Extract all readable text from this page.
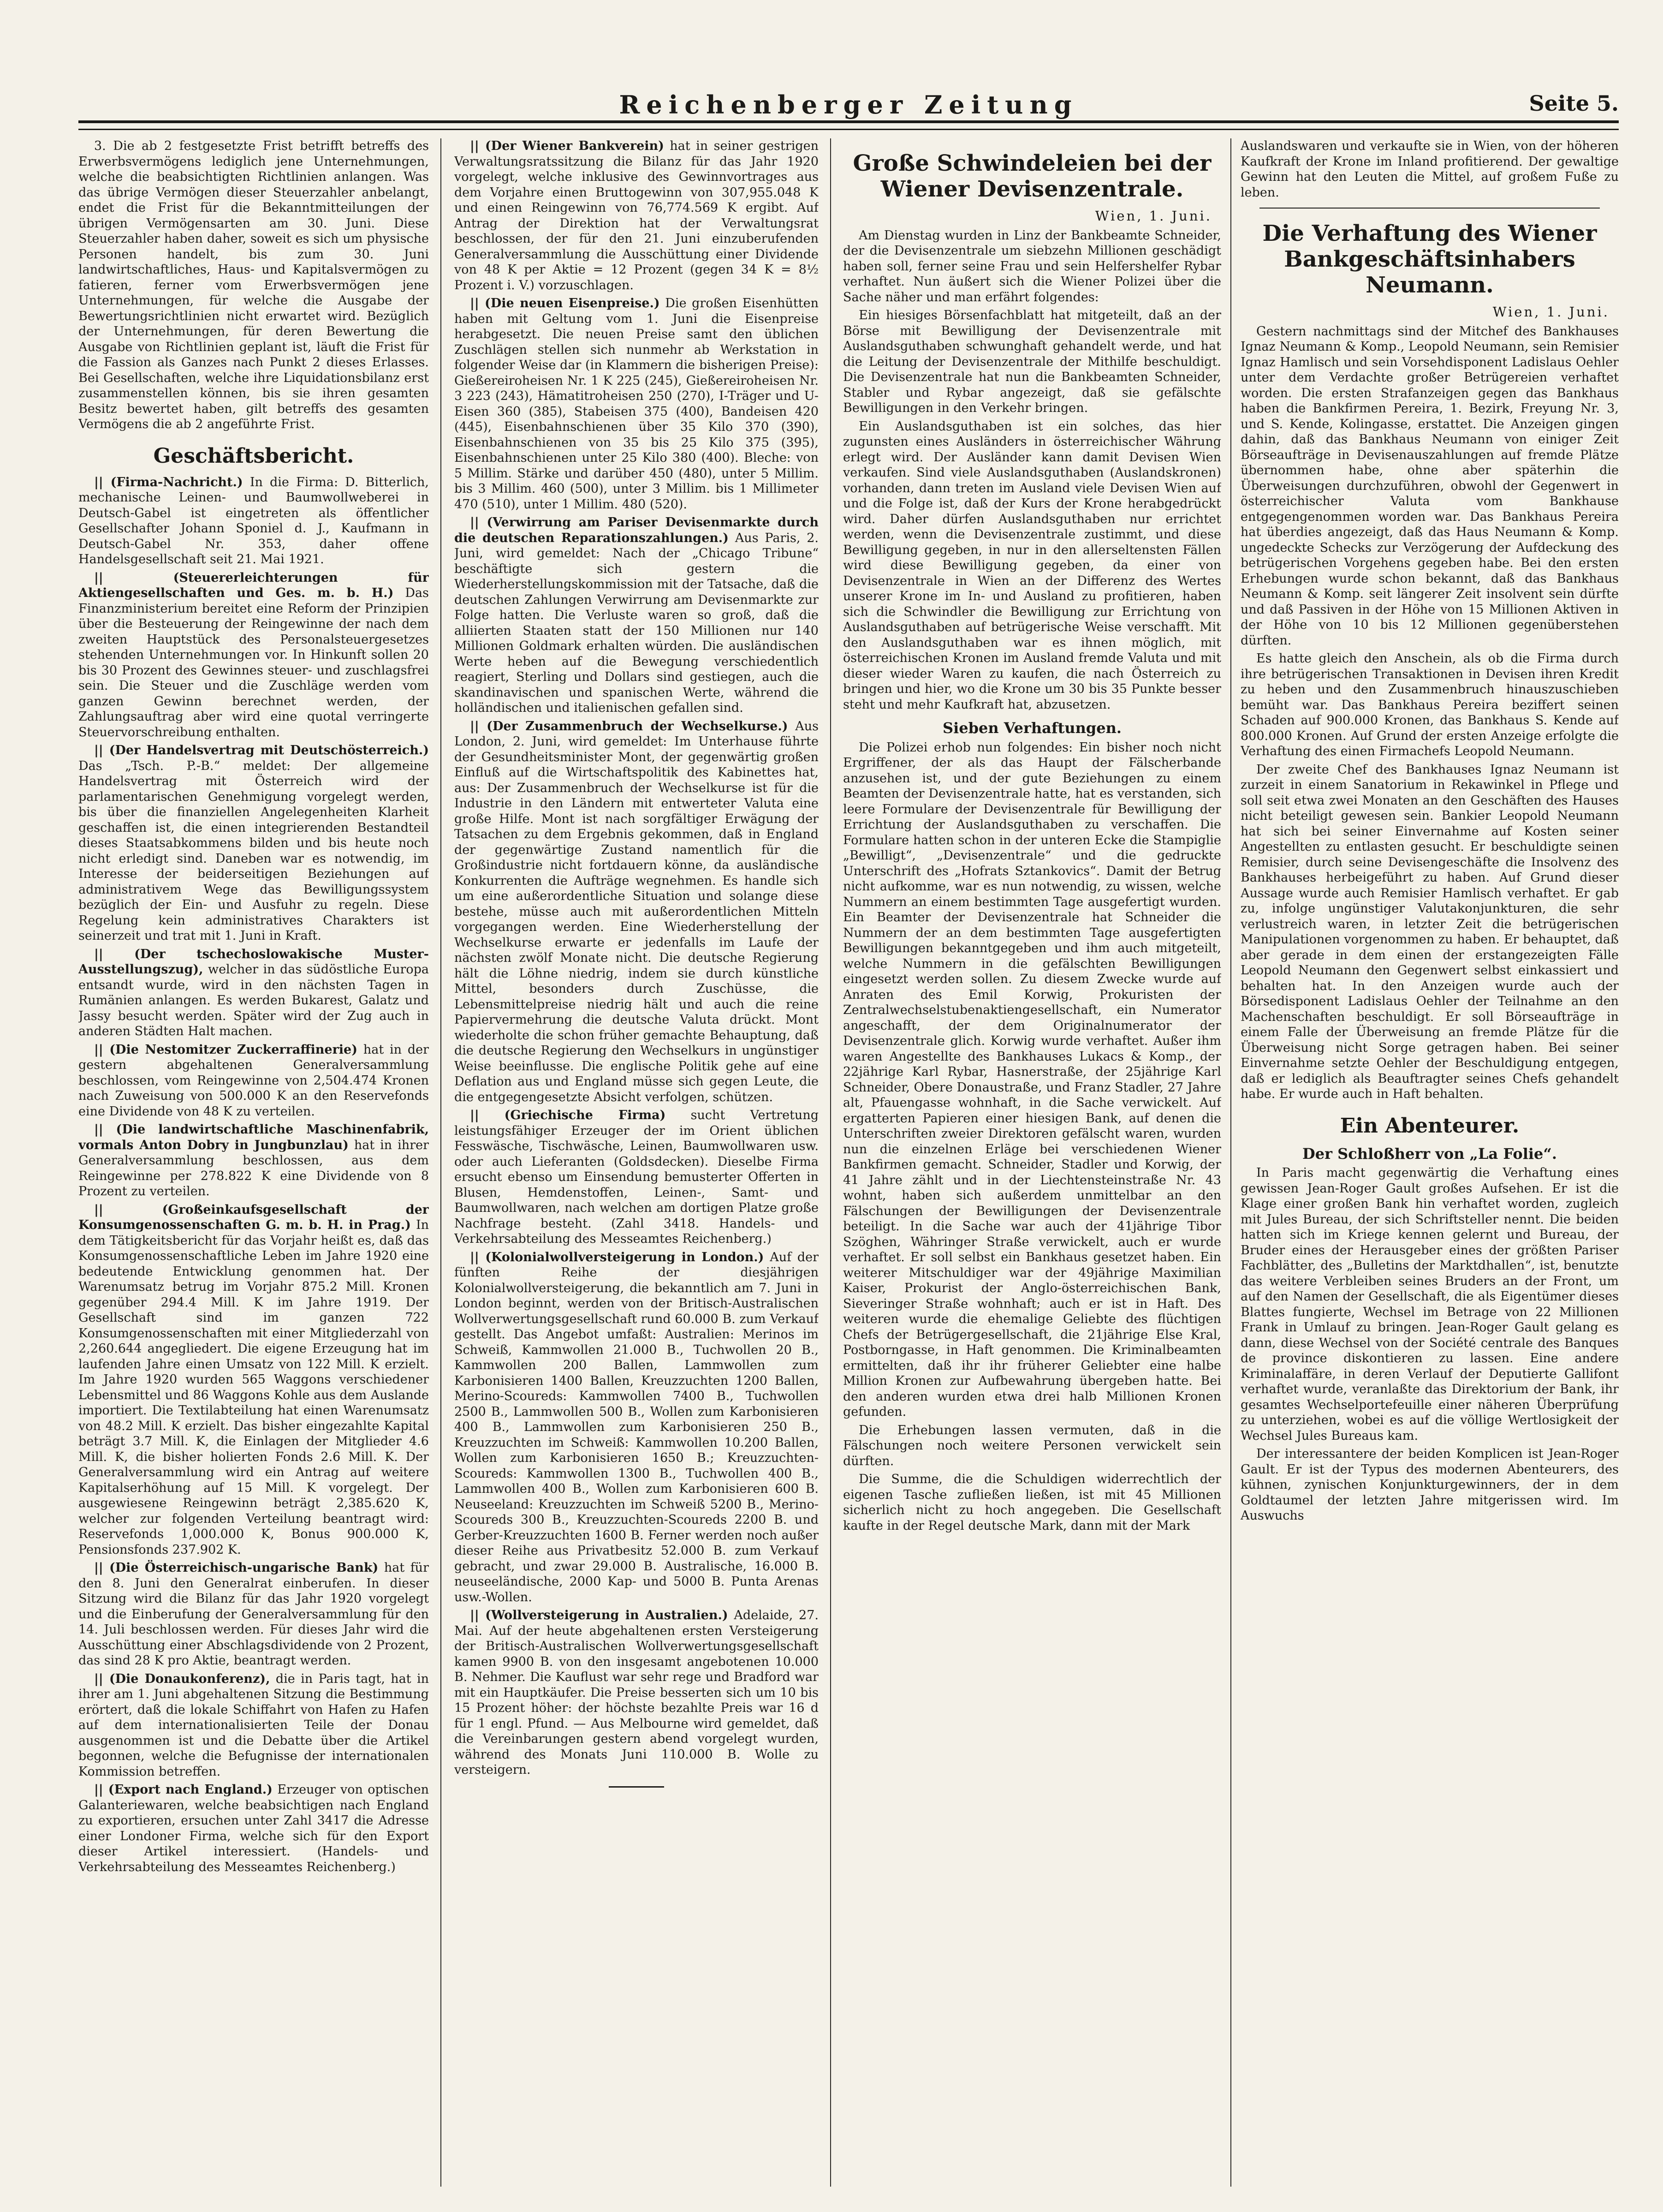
Reichenberger Zeitung	Seite 5.

3. Die ab 2 festgesetzte Frist betrifft betreffs des Erwerbsvermögens lediglich jene Unternehmungen, welche die beabsichtigten Richtlinien anlangen. Was das übrige Vermögen dieser Steuerzahler anbelangt, endet die Frist für die Bekanntmitteilungen der übrigen Vermögensarten am 30. Juni. Diese Steuerzahler haben daher, soweit es sich um physische Personen handelt, bis zum 30. Juni landwirtschaftliches, Haus- und Kapitalsvermögen zu fatieren, ferner vom Erwerbsvermögen jene Unternehmungen, für welche die Ausgabe der Bewertungsrichtlinien nicht erwartet wird. Bezüglich der Unternehmungen, für deren Bewertung die Ausgabe von Richtlinien geplant ist, läuft die Frist für die Fassion als Ganzes nach Punkt 2 dieses Erlasses. Bei Gesellschaften, welche ihre Liquidationsbilanz erst zusammenstellen können, bis sie ihren gesamten Besitz bewertet haben, gilt betreffs des gesamten Vermögens die ab 2 angeführte Frist.

Geschäftsbericht.

|| (Firma-Nachricht.) In die Firma: D. Bitterlich, mechanische Leinen- und Baumwollweberei in Deutsch-Gabel ist eingetreten als öffentlicher Gesellschafter Johann Sponiel d. J., Kaufmann in Deutsch-Gabel Nr. 353, daher offene Handelsgesellschaft seit 21. Mai 1921.

|| (Steuererleichterungen für Aktiengesellschaften und Ges. m. b. H.) Das Finanzministerium bereitet eine Reform der Prinzipien über die Besteuerung der Reingewinne der nach dem zweiten Hauptstück des Personalsteuergesetzes stehenden Unternehmungen vor. In Hinkunft sollen 20 bis 30 Prozent des Gewinnes steuer- und zuschlagsfrei sein. Die Steuer und die Zuschläge werden vom ganzen Gewinn berechnet werden, der Zahlungsauftrag aber wird eine quotal verringerte Steuervorschreibung enthalten.

|| (Der Handelsvertrag mit Deutschösterreich.) Das „Tsch. P.-B.“ meldet: Der allgemeine Handelsvertrag mit Österreich wird der parlamentarischen Genehmigung vorgelegt werden, bis über die finanziellen Angelegenheiten Klarheit geschaffen ist, die einen integrierenden Bestandteil dieses Staatsabkommens bilden und bis heute noch nicht erledigt sind. Daneben war es notwendig, im Interesse der beiderseitigen Beziehungen auf administrativem Wege das Bewilligungssystem bezüglich der Ein- und Ausfuhr zu regeln. Diese Regelung kein administratives Charakters ist seinerzeit und trat mit 1. Juni in Kraft.

|| (Der tschechoslowakische Muster-Ausstellungszug), welcher in das südöstliche Europa entsandt wurde, wird in den nächsten Tagen in Rumänien anlangen. Es werden Bukarest, Galatz und Jassy besucht werden. Später wird der Zug auch in anderen Städten Halt machen.

|| (Die Nestomitzer Zuckerraffinerie) hat in der gestern abgehaltenen Generalversammlung beschlossen, vom Reingewinne von 2,504.474 Kronen nach Zuweisung von 500.000 K an den Reservefonds eine Dividende von 48 K zu verteilen.

|| (Die landwirtschaftliche Maschinenfabrik, vormals Anton Dobry in Jungbunzlau) hat in ihrer Generalversammlung beschlossen, aus dem Reingewinne per 278.822 K eine Dividende von 8 Prozent zu verteilen.

|| (Großeinkaufsgesellschaft der Konsumgenossenschaften G. m. b. H. in Prag.) In dem Tätigkeitsbericht für das Vorjahr heißt es, daß das Konsumgenossenschaftliche Leben im Jahre 1920 eine bedeutende Entwicklung genommen hat. Der Warenumsatz betrug im Vorjahr 875.2 Mill. Kronen gegenüber 294.4 Mill. K im Jahre 1919. Der Gesellschaft sind im ganzen 722 Konsumgenossenschaften mit einer Mitgliederzahl von 2,260.644 angegliedert. Die eigene Erzeugung hat im laufenden Jahre einen Umsatz von 122 Mill. K erzielt. Im Jahre 1920 wurden 565 Waggons verschiedener Lebensmittel und 86 Waggons Kohle aus dem Auslande importiert. Die Textilabteilung hat einen Warenumsatz von 48.2 Mill. K erzielt. Das bisher eingezahlte Kapital beträgt 3.7 Mill. K, die Einlagen der Mitglieder 4.6 Mill. K, die bisher holierten Fonds 2.6 Mill. K. Der Generalversammlung wird ein Antrag auf weitere Kapitalserhöhung auf 15 Mill. K vorgelegt. Der ausgewiesene Reingewinn beträgt 2,385.620 K, welcher zur folgenden Verteilung beantragt wird: Reservefonds 1,000.000 K, Bonus 900.000 K, Pensionsfonds 237.902 K.

|| (Die Österreichisch-ungarische Bank) hat für den 8. Juni den Generalrat einberufen. In dieser Sitzung wird die Bilanz für das Jahr 1920 vorgelegt und die Einberufung der Generalversammlung für den 14. Juli beschlossen werden. Für dieses Jahr wird die Ausschüttung einer Abschlagsdividende von 2 Prozent, das sind 28 K pro Aktie, beantragt werden.

|| (Die Donaukonferenz), die in Paris tagt, hat in ihrer am 1. Juni abgehaltenen Sitzung die Bestimmung erörtert, daß die lokale Schiffahrt von Hafen zu Hafen auf dem internationalisierten Teile der Donau ausgenommen ist und die Debatte über die Artikel begonnen, welche die Befugnisse der internationalen Kommission betreffen.

|| (Export nach England.) Erzeuger von optischen Galanteriewaren, welche beabsichtigen nach England zu exportieren, ersuchen unter Zahl 3417 die Adresse einer Londoner Firma, welche sich für den Export dieser Artikel interessiert. (Handels- und Verkehrsabteilung des Messeamtes Reichenberg.)

|| (Der Wiener Bankverein) hat in seiner gestrigen Verwaltungsratssitzung die Bilanz für das Jahr 1920 vorgelegt, welche inklusive des Gewinnvortrages aus dem Vorjahre einen Bruttogewinn von 307,955.048 K und einen Reingewinn von 76,774.569 K ergibt. Auf Antrag der Direktion hat der Verwaltungsrat beschlossen, der für den 21. Juni einzuberufenden Generalversammlung die Ausschüttung einer Dividende von 48 K per Aktie = 12 Prozent (gegen 34 K = 8½ Prozent i. V.) vorzuschlagen.

|| (Die neuen Eisenpreise.) Die großen Eisenhütten haben mit Geltung vom 1. Juni die Eisenpreise herabgesetzt. Die neuen Preise samt den üblichen Zuschlägen stellen sich nunmehr ab Werkstation in folgender Weise dar (in Klammern die bisherigen Preise): Gießereiroheisen Nr. 1 K 225 (245), Gießereiroheisen Nr. 3 223 (243), Hämatitroheisen 250 (270), I-Träger und U-Eisen 360 (385), Stabeisen 375 (400), Bandeisen 420 (445), Eisenbahnschienen über 35 Kilo 370 (390), Eisenbahnschienen von 35 bis 25 Kilo 375 (395), Eisenbahnschienen unter 25 Kilo 380 (400). Bleche: von 5 Millim. Stärke und darüber 450 (480), unter 5 Millim. bis 3 Millim. 460 (500), unter 3 Millim. bis 1 Millimeter 470 (510), unter 1 Millim. 480 (520).

|| (Verwirrung am Pariser Devisenmarkte durch die deutschen Reparationszahlungen.) Aus Paris, 2. Juni, wird gemeldet: Nach der „Chicago Tribune“ beschäftigte sich gestern die Wiederherstellungskommission mit der Tatsache, daß die deutschen Zahlungen Verwirrung am Devisenmarkte zur Folge hatten. Die Verluste waren so groß, daß die alliierten Staaten statt der 150 Millionen nur 140 Millionen Goldmark erhalten würden. Die ausländischen Werte heben auf die Bewegung verschiedentlich reagiert, Sterling und Dollars sind gestiegen, auch die skandinavischen und spanischen Werte, während die holländischen und italienischen gefallen sind.

|| (Der Zusammenbruch der Wechselkurse.) Aus London, 2. Juni, wird gemeldet: Im Unterhause führte der Gesundheitsminister Mont, der gegenwärtig großen Einfluß auf die Wirtschaftspolitik des Kabinettes hat, aus: Der Zusammenbruch der Wechselkurse ist für die Industrie in den Ländern mit entwerteter Valuta eine große Hilfe. Mont ist nach sorgfältiger Erwägung der Tatsachen zu dem Ergebnis gekommen, daß in England der gegenwärtige Zustand namentlich für die Großindustrie nicht fortdauern könne, da ausländische Konkurrenten die Aufträge wegnehmen. Es handle sich um eine außerordentliche Situation und solange diese bestehe, müsse auch mit außerordentlichen Mitteln vorgegangen werden. Eine Wiederherstellung der Wechselkurse erwarte er jedenfalls im Laufe der nächsten zwölf Monate nicht. Die deutsche Regierung hält die Löhne niedrig, indem sie durch künstliche Mittel, besonders durch Zuschüsse, die Lebensmittelpreise niedrig hält und auch die reine Papiervermehrung die deutsche Valuta drückt. Mont wiederholte die schon früher gemachte Behauptung, daß die deutsche Regierung den Wechselkurs in ungünstiger Weise beeinflusse. Die englische Politik gehe auf eine Deflation aus und England müsse sich gegen Leute, die die entgegengesetzte Absicht verfolgen, schützen.

|| (Griechische Firma) sucht Vertretung leistungsfähiger Erzeuger der im Orient üblichen Fesswäsche, Tischwäsche, Leinen, Baumwollwaren usw. oder auch Lieferanten (Goldsdecken). Dieselbe Firma ersucht ebenso um Einsendung bemusterter Offerten in Blusen, Hemdenstoffen, Leinen-, Samt- und Baumwollwaren, nach welchen am dortigen Platze große Nachfrage besteht. (Zahl 3418. Handels- und Verkehrsabteilung des Messeamtes Reichenberg.)

|| (Kolonialwollversteigerung in London.) Auf der fünften Reihe der diesjährigen Kolonialwollversteigerung, die bekanntlich am 7. Juni in London beginnt, werden von der Britisch-Australischen Wollverwertungsgesellschaft rund 60.000 B. zum Verkauf gestellt. Das Angebot umfaßt: Australien: Merinos im Schweiß, Kammwollen 21.000 B., Tuchwollen 20 B., Kammwollen 200 Ballen, Lammwollen zum Karbonisieren 1400 Ballen, Kreuzzuchten 1200 Ballen, Merino-Scoureds: Kammwollen 7400 B., Tuchwollen 2500 B., Lammwollen 500 B., Wollen zum Karbonisieren 400 B., Lammwollen zum Karbonisieren 250 B., Kreuzzuchten im Schweiß: Kammwollen 10.200 Ballen, Wollen zum Karbonisieren 1650 B.; Kreuzzuchten-Scoureds: Kammwollen 1300 B., Tuchwollen 400 B., Lammwollen 400 B., Wollen zum Karbonisieren 600 B. Neuseeland: Kreuzzuchten im Schweiß 5200 B., Merino-Scoureds 300 B., Kreuzzuchten-Scoureds 2200 B. und Gerber-Kreuzzuchten 1600 B. Ferner werden noch außer dieser Reihe aus Privatbesitz 52.000 B. zum Verkauf gebracht, und zwar 29.000 B. Australische, 16.000 B. neuseeländische, 2000 Kap- und 5000 B. Punta Arenas usw.-Wollen.

|| (Wollversteigerung in Australien.) Adelaide, 27. Mai. Auf der heute abgehaltenen ersten Versteigerung der Britisch-Australischen Wollverwertungsgesellschaft kamen 9900 B. von den insgesamt angebotenen 10.000 B. Nehmer. Die Kauflust war sehr rege und Bradford war mit ein Hauptkäufer. Die Preise besserten sich um 10 bis 15 Prozent höher: der höchste bezahlte Preis war 16 d für 1 engl. Pfund. — Aus Melbourne wird gemeldet, daß die Vereinbarungen gestern abend vorgelegt wurden, während des Monats Juni 110.000 B. Wolle zu versteigern.

Große Schwindeleien bei der Wiener Devisenzentrale.
Wien, 1. Juni.

Am Dienstag wurden in Linz der Bankbeamte Schneider, der die Devisenzentrale um siebzehn Millionen geschädigt haben soll, ferner seine Frau und sein Helfershelfer Rybar verhaftet. Nun äußert sich die Wiener Polizei über die Sache näher und man erfährt folgendes:

Ein hiesiges Börsenfachblatt hat mitgeteilt, daß an der Börse mit Bewilligung der Devisenzentrale mit Auslandsguthaben schwunghaft gehandelt werde, und hat die Leitung der Devisenzentrale der Mithilfe beschuldigt. Die Devisenzentrale hat nun die Bankbeamten Schneider, Stabler und Rybar angezeigt, daß sie gefälschte Bewilligungen in den Verkehr bringen.

Ein Auslandsguthaben ist ein solches, das hier zugunsten eines Ausländers in österreichischer Währung erlegt wird. Der Ausländer kann damit Devisen Wien verkaufen. Sind viele Auslandsguthaben (Auslandskronen) vorhanden, dann treten im Ausland viele Devisen Wien auf und die Folge ist, daß der Kurs der Krone herabgedrückt wird. Daher dürfen Auslandsguthaben nur errichtet werden, wenn die Devisenzentrale zustimmt, und diese Bewilligung gegeben, in nur in den allerseltensten Fällen wird diese Bewilligung gegeben, da einer von Devisenzentrale in Wien an der Differenz des Wertes unserer Krone im In- und Ausland zu profitieren, haben sich die Schwindler die Bewilligung zur Errichtung von Auslandsguthaben auf betrügerische Weise verschafft. Mit den Auslandsguthaben war es ihnen möglich, mit österreichischen Kronen im Ausland fremde Valuta und mit dieser wieder Waren zu kaufen, die nach Österreich zu bringen und hier, wo die Krone um 30 bis 35 Punkte besser steht und mehr Kaufkraft hat, abzusetzen.

Sieben Verhaftungen.

Die Polizei erhob nun folgendes: Ein bisher noch nicht Ergriffener, der als das Haupt der Fälscherbande anzusehen ist, und der gute Beziehungen zu einem Beamten der Devisenzentrale hatte, hat es verstanden, sich leere Formulare der Devisenzentrale für Bewilligung der Errichtung der Auslandsguthaben zu verschaffen. Die Formulare hatten schon in der unteren Ecke die Stampiglie „Bewilligt“, „Devisenzentrale“ und die gedruckte Unterschrift des „Hofrats Sztankovics“. Damit der Betrug nicht aufkomme, war es nun notwendig, zu wissen, welche Nummern an einem bestimmten Tage ausgefertigt wurden. Ein Beamter der Devisenzentrale hat Schneider die Nummern der an dem bestimmten Tage ausgefertigten Bewilligungen bekanntgegeben und ihm auch mitgeteilt, welche Nummern in die gefälschten Bewilligungen eingesetzt werden sollen. Zu diesem Zwecke wurde auf Anraten des Emil Korwig, Prokuristen der Zentralwechselstubenaktiengesellschaft, ein Numerator angeschafft, der dem Originalnumerator der Devisenzentrale glich. Korwig wurde verhaftet. Außer ihm waren Angestellte des Bankhauses Lukacs & Komp., der 22jährige Karl Rybar, Hasnerstraße, der 25jährige Karl Schneider, Obere Donaustraße, und Franz Stadler, 27 Jahre alt, Pfauengasse wohnhaft, in die Sache verwickelt. Auf ergatterten Papieren einer hiesigen Bank, auf denen die Unterschriften zweier Direktoren gefälscht waren, wurden nun die einzelnen Erläge bei verschiedenen Wiener Bankfirmen gemacht. Schneider, Stadler und Korwig, der 41 Jahre zählt und in der Liechtensteinstraße Nr. 43 wohnt, haben sich außerdem unmittelbar an den Fälschungen der Bewilligungen der Devisenzentrale beteiligt. In die Sache war auch der 41jährige Tibor Szöghen, Währinger Straße verwickelt, auch er wurde verhaftet. Er soll selbst ein Bankhaus gesetzet haben. Ein weiterer Mitschuldiger war der 49jährige Maximilian Kaiser, Prokurist der Anglo-österreichischen Bank, Sieveringer Straße wohnhaft; auch er ist in Haft. Des weiteren wurde die ehemalige Geliebte des flüchtigen Chefs der Betrügergesellschaft, die 21jährige Else Kral, Postborngasse, in Haft genommen. Die Kriminalbeamten ermittelten, daß ihr ihr früherer Geliebter eine halbe Million Kronen zur Aufbewahrung übergeben hatte. Bei den anderen wurden etwa drei halb Millionen Kronen gefunden.

Die Erhebungen lassen vermuten, daß in die Fälschungen noch weitere Personen verwickelt sein dürften.

Die Summe, die die Schuldigen widerrechtlich der eigenen Tasche zufließen ließen, ist mit 45 Millionen sicherlich nicht zu hoch angegeben. Die Gesellschaft kaufte in der Regel deutsche Mark, dann mit der Mark

Auslandswaren und verkaufte sie in Wien, von der höheren Kaufkraft der Krone im Inland profitierend. Der gewaltige Gewinn hat den Leuten die Mittel, auf großem Fuße zu leben.

Die Verhaftung des Wiener Bankgeschäftsinhabers Neumann.
Wien, 1. Juni.

Gestern nachmittags sind der Mitchef des Bankhauses Ignaz Neumann & Komp., Leopold Neumann, sein Remisier Ignaz Hamlisch und sein Vorsehdisponent Ladislaus Oehler unter dem Verdachte großer Betrügereien verhaftet worden. Die ersten Strafanzeigen gegen das Bankhaus haben die Bankfirmen Pereira, 1. Bezirk, Freyung Nr. 3, und S. Kende, Kolingasse, erstattet. Die Anzeigen gingen dahin, daß das Bankhaus Neumann von einiger Zeit Börseaufträge in Devisenauszahlungen auf fremde Plätze übernommen habe, ohne aber späterhin die Überweisungen durchzuführen, obwohl der Gegenwert in österreichischer Valuta vom Bankhause entgegengenommen worden war. Das Bankhaus Pereira hat überdies angezeigt, daß das Haus Neumann & Komp. ungedeckte Schecks zur Verzögerung der Aufdeckung des betrügerischen Vorgehens gegeben habe. Bei den ersten Erhebungen wurde schon bekannt, daß das Bankhaus Neumann & Komp. seit längerer Zeit insolvent sein dürfte und daß Passiven in der Höhe von 15 Millionen Aktiven in der Höhe von 10 bis 12 Millionen gegenüberstehen dürften.

Es hatte gleich den Anschein, als ob die Firma durch ihre betrügerischen Transaktionen in Devisen ihren Kredit zu heben und den Zusammenbruch hinauszuschieben bemüht war. Das Bankhaus Pereira beziffert seinen Schaden auf 900.000 Kronen, das Bankhaus S. Kende auf 800.000 Kronen. Auf Grund der ersten Anzeige erfolgte die Verhaftung des einen Firmachefs Leopold Neumann.

Der zweite Chef des Bankhauses Ignaz Neumann ist zurzeit in einem Sanatorium in Rekawinkel in Pflege und soll seit etwa zwei Monaten an den Geschäften des Hauses nicht beteiligt gewesen sein. Bankier Leopold Neumann hat sich bei seiner Einvernahme auf Kosten seiner Angestellten zu entlasten gesucht. Er beschuldigte seinen Remisier, durch seine Devisengeschäfte die Insolvenz des Bankhauses herbeigeführt zu haben. Auf Grund dieser Aussage wurde auch Remisier Hamlisch verhaftet. Er gab zu, infolge ungünstiger Valutakonjunkturen, die sehr verlustreich waren, in letzter Zeit die betrügerischen Manipulationen vorgenommen zu haben. Er behauptet, daß aber gerade in dem einen der erstangezeigten Fälle Leopold Neumann den Gegenwert selbst einkassiert und behalten hat. In den Anzeigen wurde auch der Börsedisponent Ladislaus Oehler der Teilnahme an den Machenschaften beschuldigt. Er soll Börseaufträge in einem Falle der Überweisung an fremde Plätze für die Überweisung nicht Sorge getragen haben. Bei seiner Einvernahme setzte Oehler der Beschuldigung entgegen, daß er lediglich als Beauftragter seines Chefs gehandelt habe. Er wurde auch in Haft behalten.

Ein Abenteurer.
Der Schloßherr von „La Folie“.

In Paris macht gegenwärtig die Verhaftung eines gewissen Jean-Roger Gault großes Aufsehen. Er ist die Klage einer großen Bank hin verhaftet worden, zugleich mit Jules Bureau, der sich Schriftsteller nennt. Die beiden hatten sich im Kriege kennen gelernt und Bureau, der Bruder eines der Herausgeber eines der größten Pariser Fachblätter, des „Bulletins der Marktdhallen“, ist, benutzte das weitere Verbleiben seines Bruders an der Front, um auf den Namen der Gesellschaft, die als Eigentümer dieses Blattes fungierte, Wechsel im Betrage von 22 Millionen Frank in Umlauf zu bringen. Jean-Roger Gault gelang es dann, diese Wechsel von der Société centrale des Banques de province diskontieren zu lassen. Eine andere Kriminalaffäre, in deren Verlauf der Deputierte Gallifont verhaftet wurde, veranlaßte das Direktorium der Bank, ihr gesamtes Wechselportefeuille einer näheren Überprüfung zu unterziehen, wobei es auf die völlige Wertlosigkeit der Wechsel Jules Bureaus kam.

Der interessantere der beiden Komplicen ist Jean-Roger Gault. Er ist der Typus des modernen Abenteurers, des kühnen, zynischen Konjunkturgewinners, der in dem Goldtaumel der letzten Jahre mitgerissen wird. Im Auswuchs
